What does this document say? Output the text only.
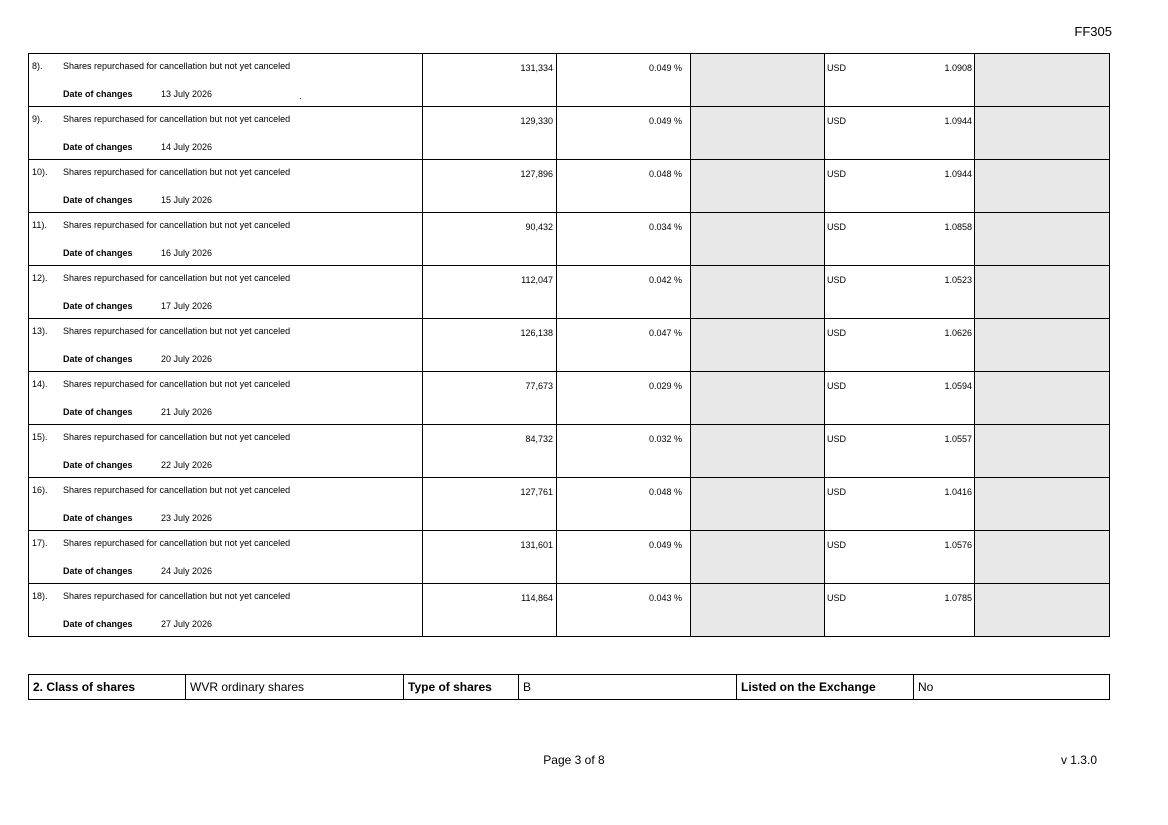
FF305
8). Shares repurchased for cancellation but not yet canceled
Date of changes 13 July 2026	131,334	0.049 %		USD 1.0908	

9). Shares repurchased for cancellation but not yet canceled
Date of changes 14 July 2026	129,330	0.049 %		USD 1.0944	

10). Shares repurchased for cancellation but not yet canceled
Date of changes 15 July 2026	127,896	0.048 %		USD 1.0944	

11). Shares repurchased for cancellation but not yet canceled
Date of changes 16 July 2026	90,432	0.034 %		USD 1.0858	

12). Shares repurchased for cancellation but not yet canceled
Date of changes 17 July 2026	112,047	0.042 %		USD 1.0523	

13). Shares repurchased for cancellation but not yet canceled
Date of changes 20 July 2026	126,138	0.047 %		USD 1.0626	

14). Shares repurchased for cancellation but not yet canceled
Date of changes 21 July 2026	77,673	0.029 %		USD 1.0594	

15). Shares repurchased for cancellation but not yet canceled
Date of changes 22 July 2026	84,732	0.032 %		USD 1.0557	

16). Shares repurchased for cancellation but not yet canceled
Date of changes 23 July 2026	127,761	0.048 %		USD 1.0416	

17). Shares repurchased for cancellation but not yet canceled
Date of changes 24 July 2026	131,601	0.049 %		USD 1.0576	

18). Shares repurchased for cancellation but not yet canceled
Date of changes 27 July 2026	114,864	0.043 %		USD 1.0785	

2. Class of shares	WVR ordinary shares	Type of shares	B	Listed on the Exchange	No
Page 3 of 8	v 1.3.0
